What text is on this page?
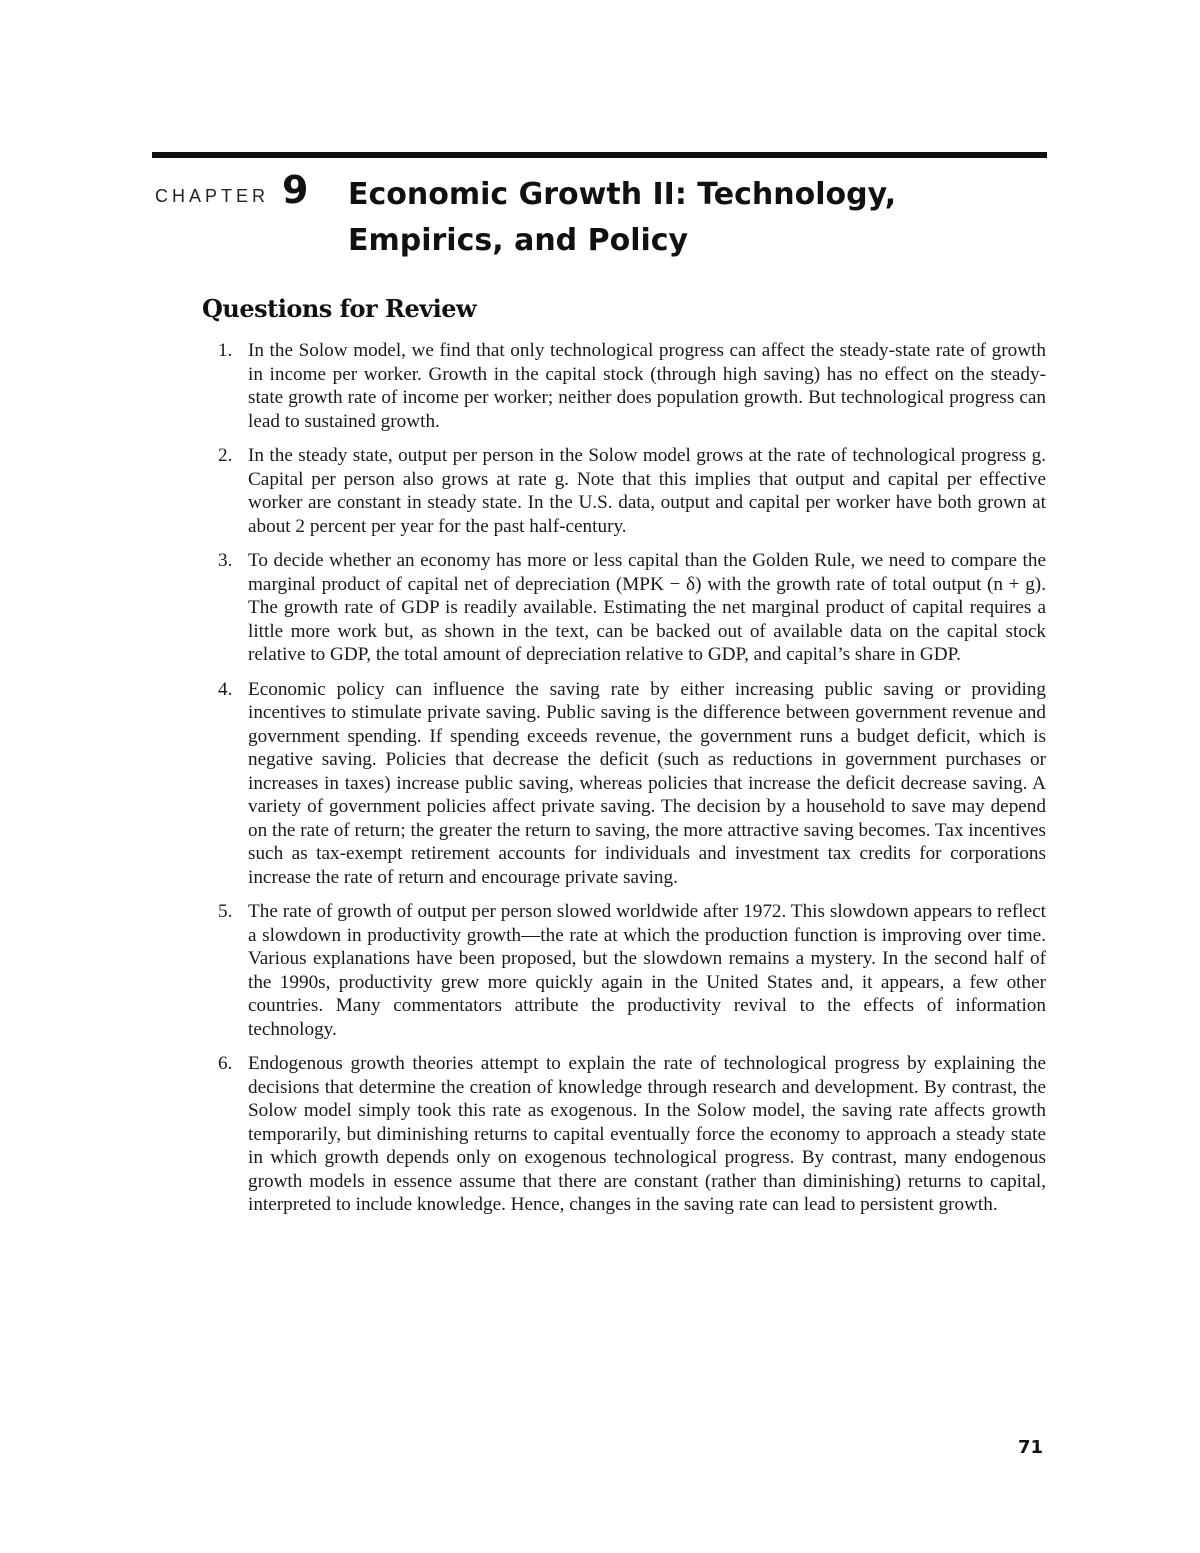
CHAPTER 9 Economic Growth II: Technology, Empirics, and Policy
Questions for Review
1. In the Solow model, we find that only technological progress can affect the steady-state rate of growth in income per worker. Growth in the capital stock (through high saving) has no effect on the steady-state growth rate of income per worker; neither does population growth. But technological progress can lead to sustained growth.
2. In the steady state, output per person in the Solow model grows at the rate of technological progress g. Capital per person also grows at rate g. Note that this implies that output and capital per effective worker are constant in steady state. In the U.S. data, output and capital per worker have both grown at about 2 percent per year for the past half-century.
3. To decide whether an economy has more or less capital than the Golden Rule, we need to compare the marginal product of capital net of depreciation (MPK − δ) with the growth rate of total output (n + g). The growth rate of GDP is readily available. Estimating the net marginal product of capital requires a little more work but, as shown in the text, can be backed out of available data on the capital stock relative to GDP, the total amount of depreciation relative to GDP, and capital’s share in GDP.
4. Economic policy can influence the saving rate by either increasing public saving or providing incentives to stimulate private saving. Public saving is the difference between government revenue and government spending. If spending exceeds revenue, the government runs a budget deficit, which is negative saving. Policies that decrease the deficit (such as reductions in government purchases or increases in taxes) increase public saving, whereas policies that increase the deficit decrease saving. A variety of government policies affect private saving. The decision by a household to save may depend on the rate of return; the greater the return to saving, the more attractive saving becomes. Tax incentives such as tax-exempt retirement accounts for individuals and investment tax credits for corporations increase the rate of return and encourage private saving.
5. The rate of growth of output per person slowed worldwide after 1972. This slowdown appears to reflect a slowdown in productivity growth—the rate at which the production function is improving over time. Various explanations have been proposed, but the slowdown remains a mystery. In the second half of the 1990s, productivity grew more quickly again in the United States and, it appears, a few other countries. Many commentators attribute the productivity revival to the effects of information technology.
6. Endogenous growth theories attempt to explain the rate of technological progress by explaining the decisions that determine the creation of knowledge through research and development. By contrast, the Solow model simply took this rate as exogenous. In the Solow model, the saving rate affects growth temporarily, but diminishing returns to capital eventually force the economy to approach a steady state in which growth depends only on exogenous technological progress. By contrast, many endogenous growth models in essence assume that there are constant (rather than diminishing) returns to capital, interpreted to include knowledge. Hence, changes in the saving rate can lead to persistent growth.
71
